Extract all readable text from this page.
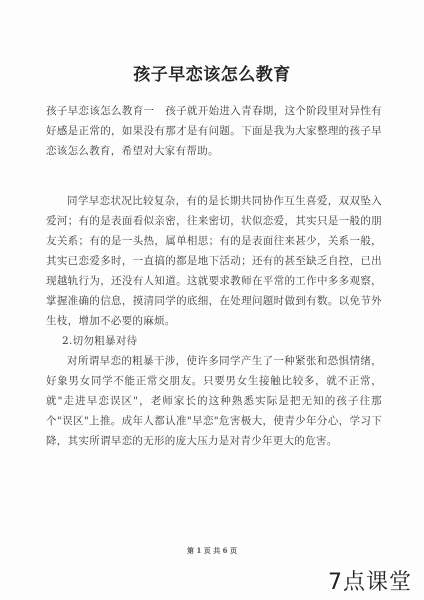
孩子早恋该怎么教育

孩子早恋该怎么教育一　孩子就开始进入青春期，这个阶段里对异性有好感是正常的，如果没有那才是有问题。下面是我为大家整理的孩子早恋该怎么教育，希望对大家有帮助。

同学早恋状况比较复杂，有的是长期共同协作互生喜爱，双双坠入爱河；有的是表面看似亲密，往来密切，状似恋爱，其实只是一般的朋友关系；有的是一头热，属单相思；有的是表面往来甚少，关系一般，其实已恋爱多时，一直搞的都是地下活动；还有的甚至缺乏自控，已出现越轨行为，还没有人知道。这就要求教师在平常的工作中多多观察，掌握准确的信息，摸清同学的底细，在处理问题时做到有数。以免节外生枝，增加不必要的麻烦。

2.切勿粗暴对待

对所谓早恋的粗暴干涉，使许多同学产生了一种紧张和恐惧情绪，好象男女同学不能正常交朋友。只要男女生接触比较多，就不正常，就"走进早恋误区"，老师家长的这种熟悉实际是把无知的孩子往那个"误区"上推。成年人都认准"早恋"危害极大，使青少年分心，学习下降，其实所谓早恋的无形的庞大压力是对青少年更大的危害。

第 1 页 共 6 页
7点课堂
